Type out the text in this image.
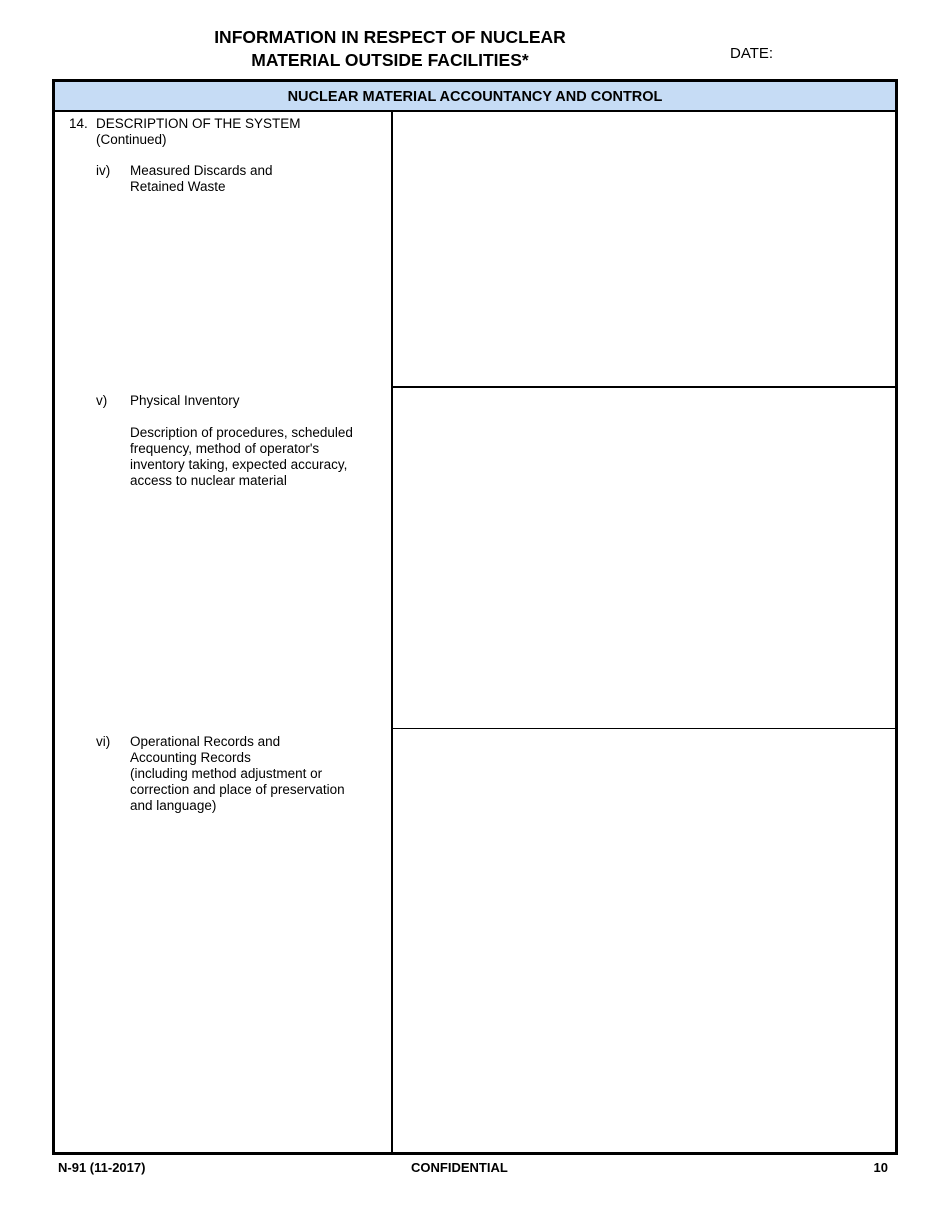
INFORMATION IN RESPECT OF NUCLEAR
MATERIAL OUTSIDE FACILITIES*	DATE:
NUCLEAR MATERIAL ACCOUNTANCY AND CONTROL
14. DESCRIPTION OF THE SYSTEM
(Continued)
iv) Measured Discards and
Retained Waste
v) Physical Inventory
Description of procedures, scheduled
frequency, method of operator's
inventory taking, expected accuracy,
access to nuclear material
vi) Operational Records and
Accounting Records
(including method adjustment or
correction and place of preservation
and language)
N-91 (11-2017)	CONFIDENTIAL	10
